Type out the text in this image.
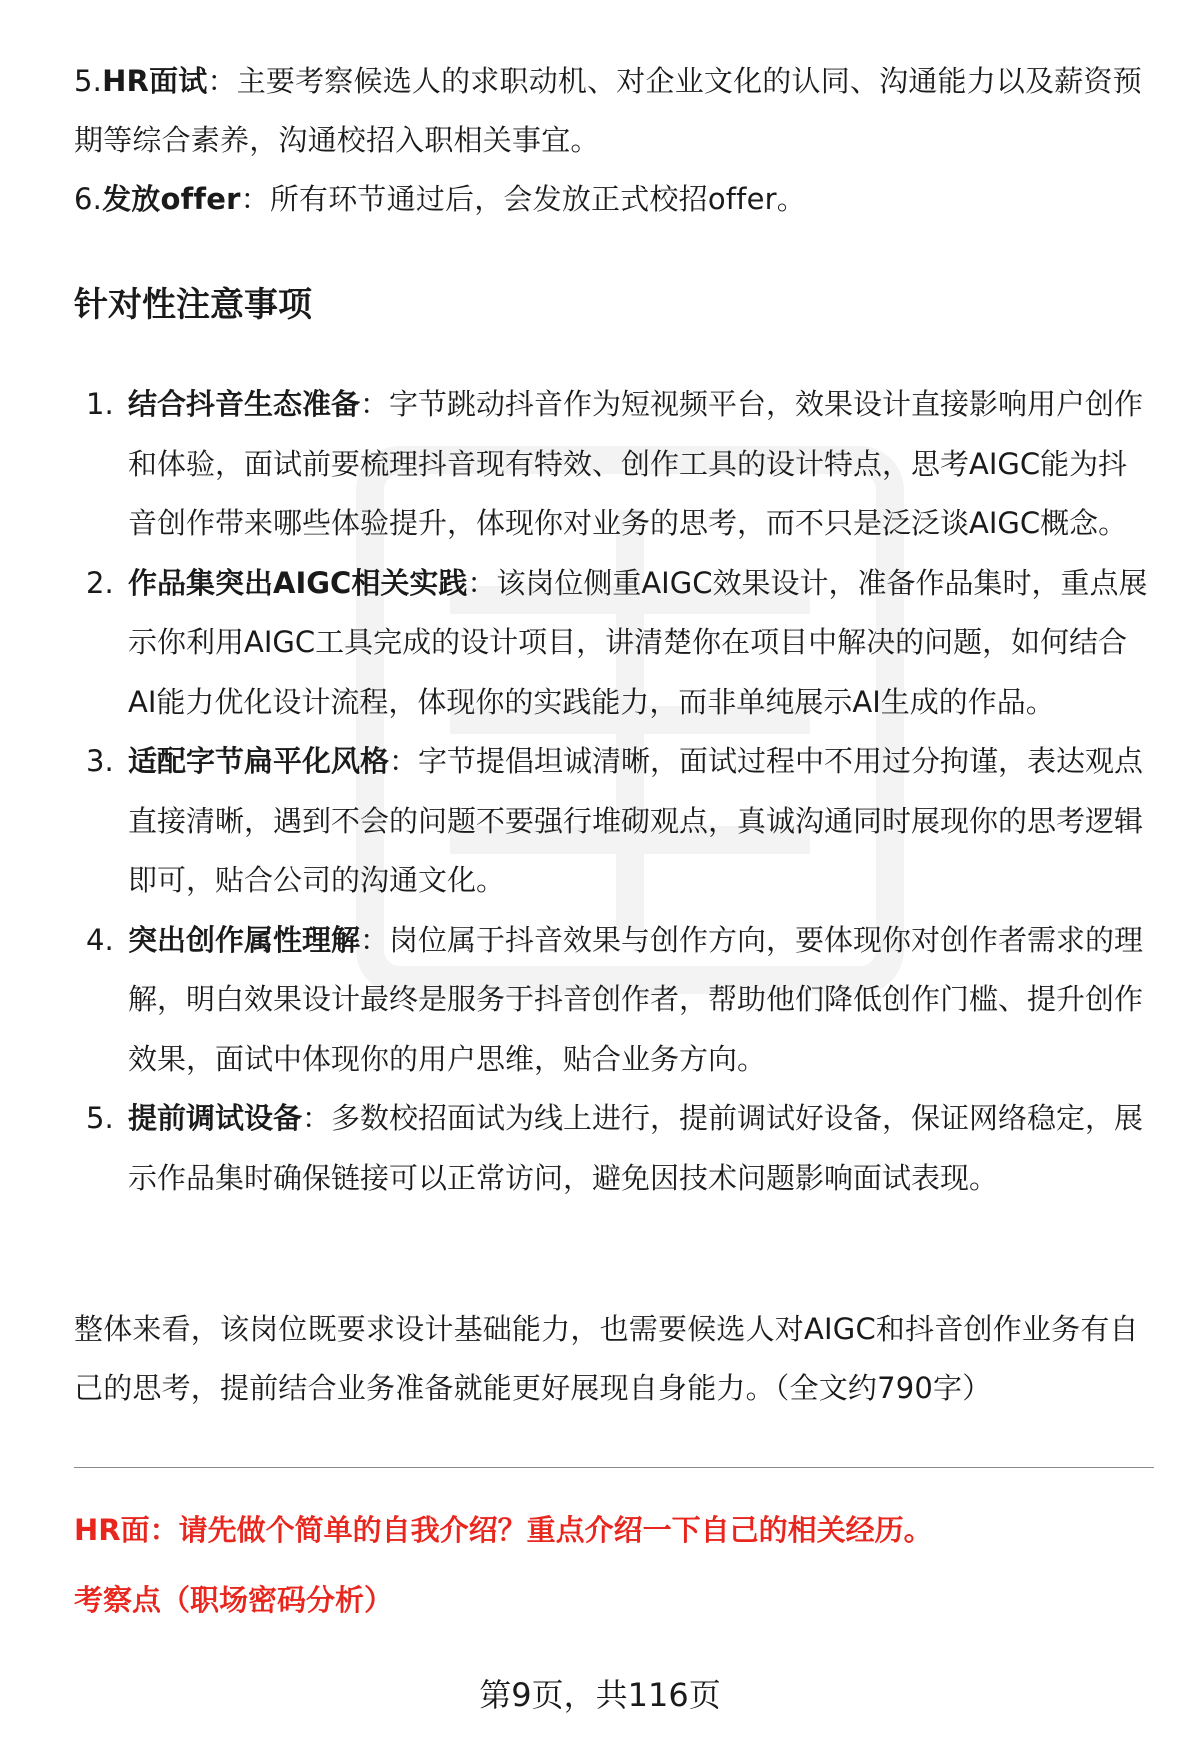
5.HR面试：主要考察候选人的求职动机、对企业文化的认同、沟通能力以及薪资预期等综合素养，沟通校招入职相关事宜。
6.发放offer：所有环节通过后，会发放正式校招offer。
针对性注意事项
1. 结合抖音生态准备：字节跳动抖音作为短视频平台，效果设计直接影响用户创作和体验，面试前要梳理抖音现有特效、创作工具的设计特点，思考AIGC能为抖音创作带来哪些体验提升，体现你对业务的思考，而不只是泛泛谈AIGC概念。
2. 作品集突出AIGC相关实践：该岗位侧重AIGC效果设计，准备作品集时，重点展示你利用AIGC工具完成的设计项目，讲清楚你在项目中解决的问题，如何结合AI能力优化设计流程，体现你的实践能力，而非单纯展示AI生成的作品。
3. 适配字节扁平化风格：字节提倡坦诚清晰，面试过程中不用过分拘谨，表达观点直接清晰，遇到不会的问题不要强行堆砌观点，真诚沟通同时展现你的思考逻辑即可，贴合公司的沟通文化。
4. 突出创作属性理解：岗位属于抖音效果与创作方向，要体现你对创作者需求的理解，明白效果设计最终是服务于抖音创作者，帮助他们降低创作门槛、提升创作效果，面试中体现你的用户思维，贴合业务方向。
5. 提前调试设备：多数校招面试为线上进行，提前调试好设备，保证网络稳定，展示作品集时确保链接可以正常访问，避免因技术问题影响面试表现。
整体来看，该岗位既要求设计基础能力，也需要候选人对AIGC和抖音创作业务有自己的思考，提前结合业务准备就能更好展现自身能力。（全文约790字）
HR面：请先做个简单的自我介绍？重点介绍一下自己的相关经历。
考察点（职场密码分析）
第9页，共116页
